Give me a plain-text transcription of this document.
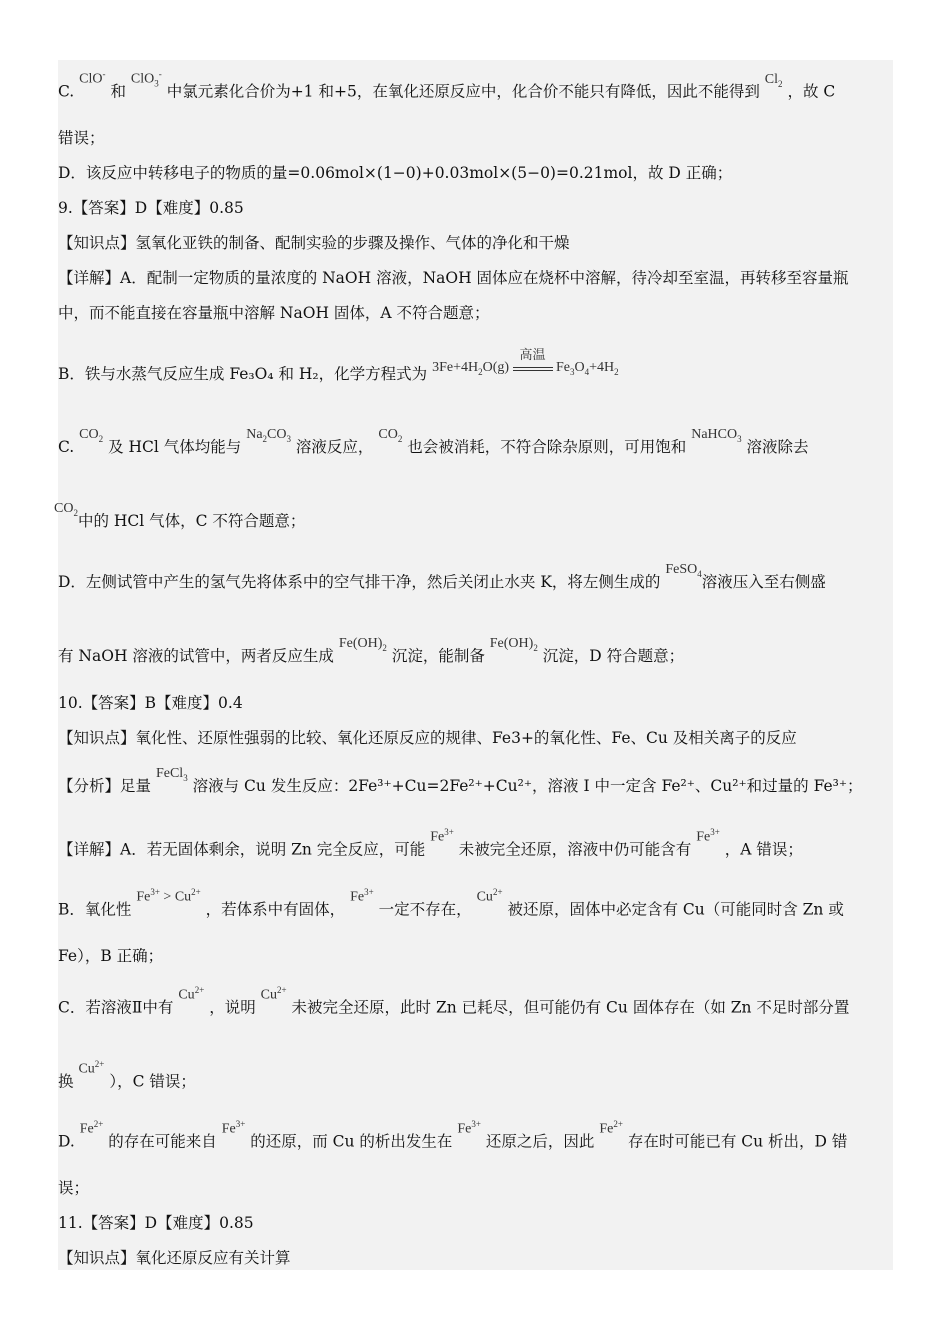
C. ClO- 和 ClO$_3$- 中氯元素化合价为+1 和+5，在氧化还原反应中，化合价不能只有降低，因此不能得到 $Cl_2$ ，故 C
错误；
D．该反应中转移电子的物质的量=0.06mol×(1−0)+0.03mol×(5−0)=0.21mol，故 D 正确；
9.【答案】D【难度】0.85
【知识点】氢氧化亚铁的制备、配制实验的步骤及操作、气体的净化和干燥
【详解】A．配制一定物质的量浓度的 NaOH 溶液，NaOH 固体应在烧杯中溶解，待冷却至室温，再转移至容量瓶
中，而不能直接在容量瓶中溶解 NaOH 固体，A 不符合题意；
B．铁与水蒸气反应生成 Fe₃O₄ 和 H₂，化学方程式为 $3Fe+4H_2O(g)$
高温
$Fe_3O_4+4H_2$
C. $CO_2$ 及 HCl 气体均能与 $Na_2CO_3$ 溶液反应， $CO_2$ 也会被消耗，不符合除杂原则，可用饱和 NaHCO$_3$ 溶液除去
$CO_2$中的 HCl 气体，C 不符合题意；
D．左侧试管中产生的氢气先将体系中的空气排干净，然后关闭止水夹 K，将左侧生成的 FeSO$_4$溶液压入至右侧盛
有 NaOH 溶液的试管中，两者反应生成 $Fe(OH)_2$ 沉淀，能制备 $Fe(OH)_2$ 沉淀，D 符合题意；
10.【答案】B【难度】0.4
【知识点】氧化性、还原性强弱的比较、氧化还原反应的规律、Fe3+的氧化性、Fe、Cu 及相关离子的反应
【分析】足量 FeCl$_3$ 溶液与 Cu 发生反应：2Fe³⁺+Cu=2Fe²⁺+Cu²⁺，溶液 I 中一定含 Fe²⁺、Cu²⁺和过量的 Fe³⁺；
【详解】A．若无固体剩余，说明 Zn 完全反应，可能 $Fe^{3+}$ 未被完全还原，溶液中仍可能含有 $Fe^{3+}$ ，A 错误；
B．氧化性 $Fe^{3+} > Cu^{2+}$ ，若体系中有固体， $Fe^{3+}$ 一定不存在， $Cu^{2+}$ 被还原，固体中必定含有 Cu（可能同时含 Zn 或
Fe），B 正确；
C．若溶液Ⅱ中有 $Cu^{2+}$ ，说明 $Cu^{2+}$ 未被完全还原，此时 Zn 已耗尽，但可能仍有 Cu 固体存在（如 Zn 不足时部分置
换 $Cu^{2+}$ ），C 错误；
D. $Fe^{2+}$ 的存在可能来自 $Fe^{3+}$ 的还原，而 Cu 的析出发生在 $Fe^{3+}$ 还原之后，因此 $Fe^{2+}$ 存在时可能已有 Cu 析出，D 错
误；
11.【答案】D【难度】0.85
【知识点】氧化还原反应有关计算
